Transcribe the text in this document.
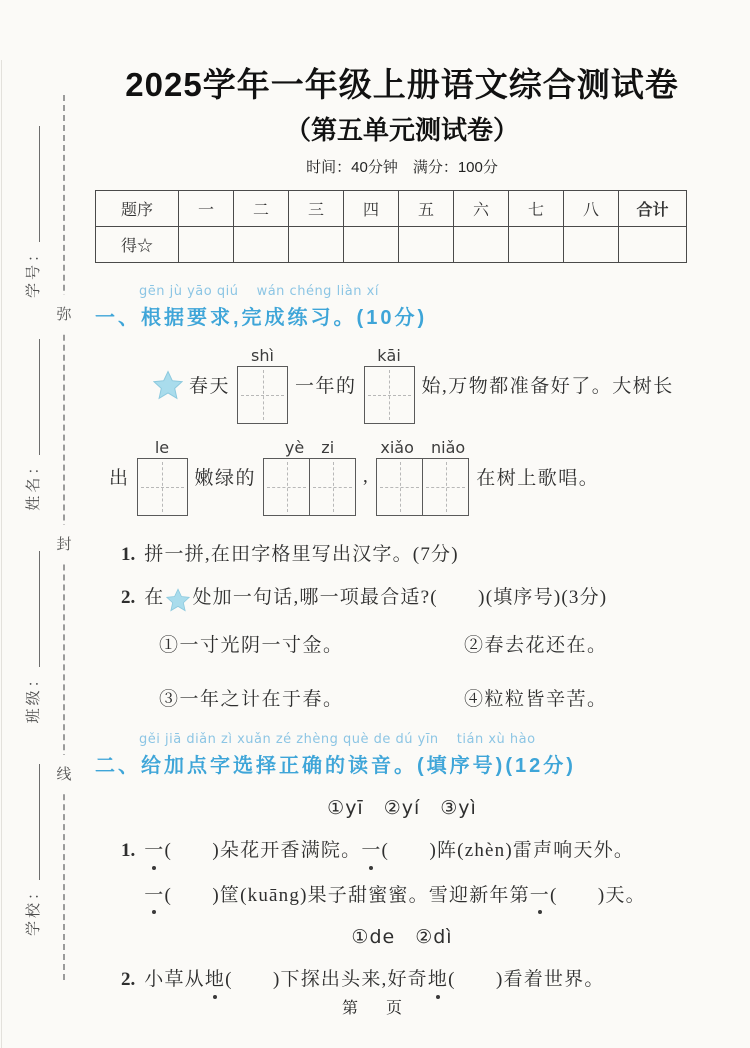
学校：
班级：
姓名：
学号：
弥
封
线
2025学年一年级上册语文综合测试卷
（第五单元测试卷）
时间：40分钟　满分：100分
题序	一	二	三	四	五	六	七	八	合计
得☆									
gēn jù yāo qiú　 wán chéng liàn xí
一、根据要求,完成练习。(10分)
春天
shì
一年的
kāi
始,万物都准备好了。大树长
出
le
嫩绿的
yè zi
,
xiǎo niǎo
在树上歌唱。
1. 拼一拼,在田字格里写出汉字。(7分)
2. 在 处加一句话,哪一项最合适?(　　)(填序号)(3分)
①一寸光阴一寸金。	②春去花还在。
③一年之计在于春。	④粒粒皆辛苦。
gěi jiā diǎn zì xuǎn zé zhèng què de dú yīn　 tián xù hào
二、给加点字选择正确的读音。(填序号)(12分)
①yī　②yí　③yì
1. 一(　　)朵花开香满院。一(　　)阵(zhèn)雷声响天外。
一(　　)筐(kuāng)果子甜蜜蜜。雪迎新年第一(　　)天。
①de　②dì
2. 小草从地(　　)下探出头来,好奇地(　　)看着世界。
第　页
